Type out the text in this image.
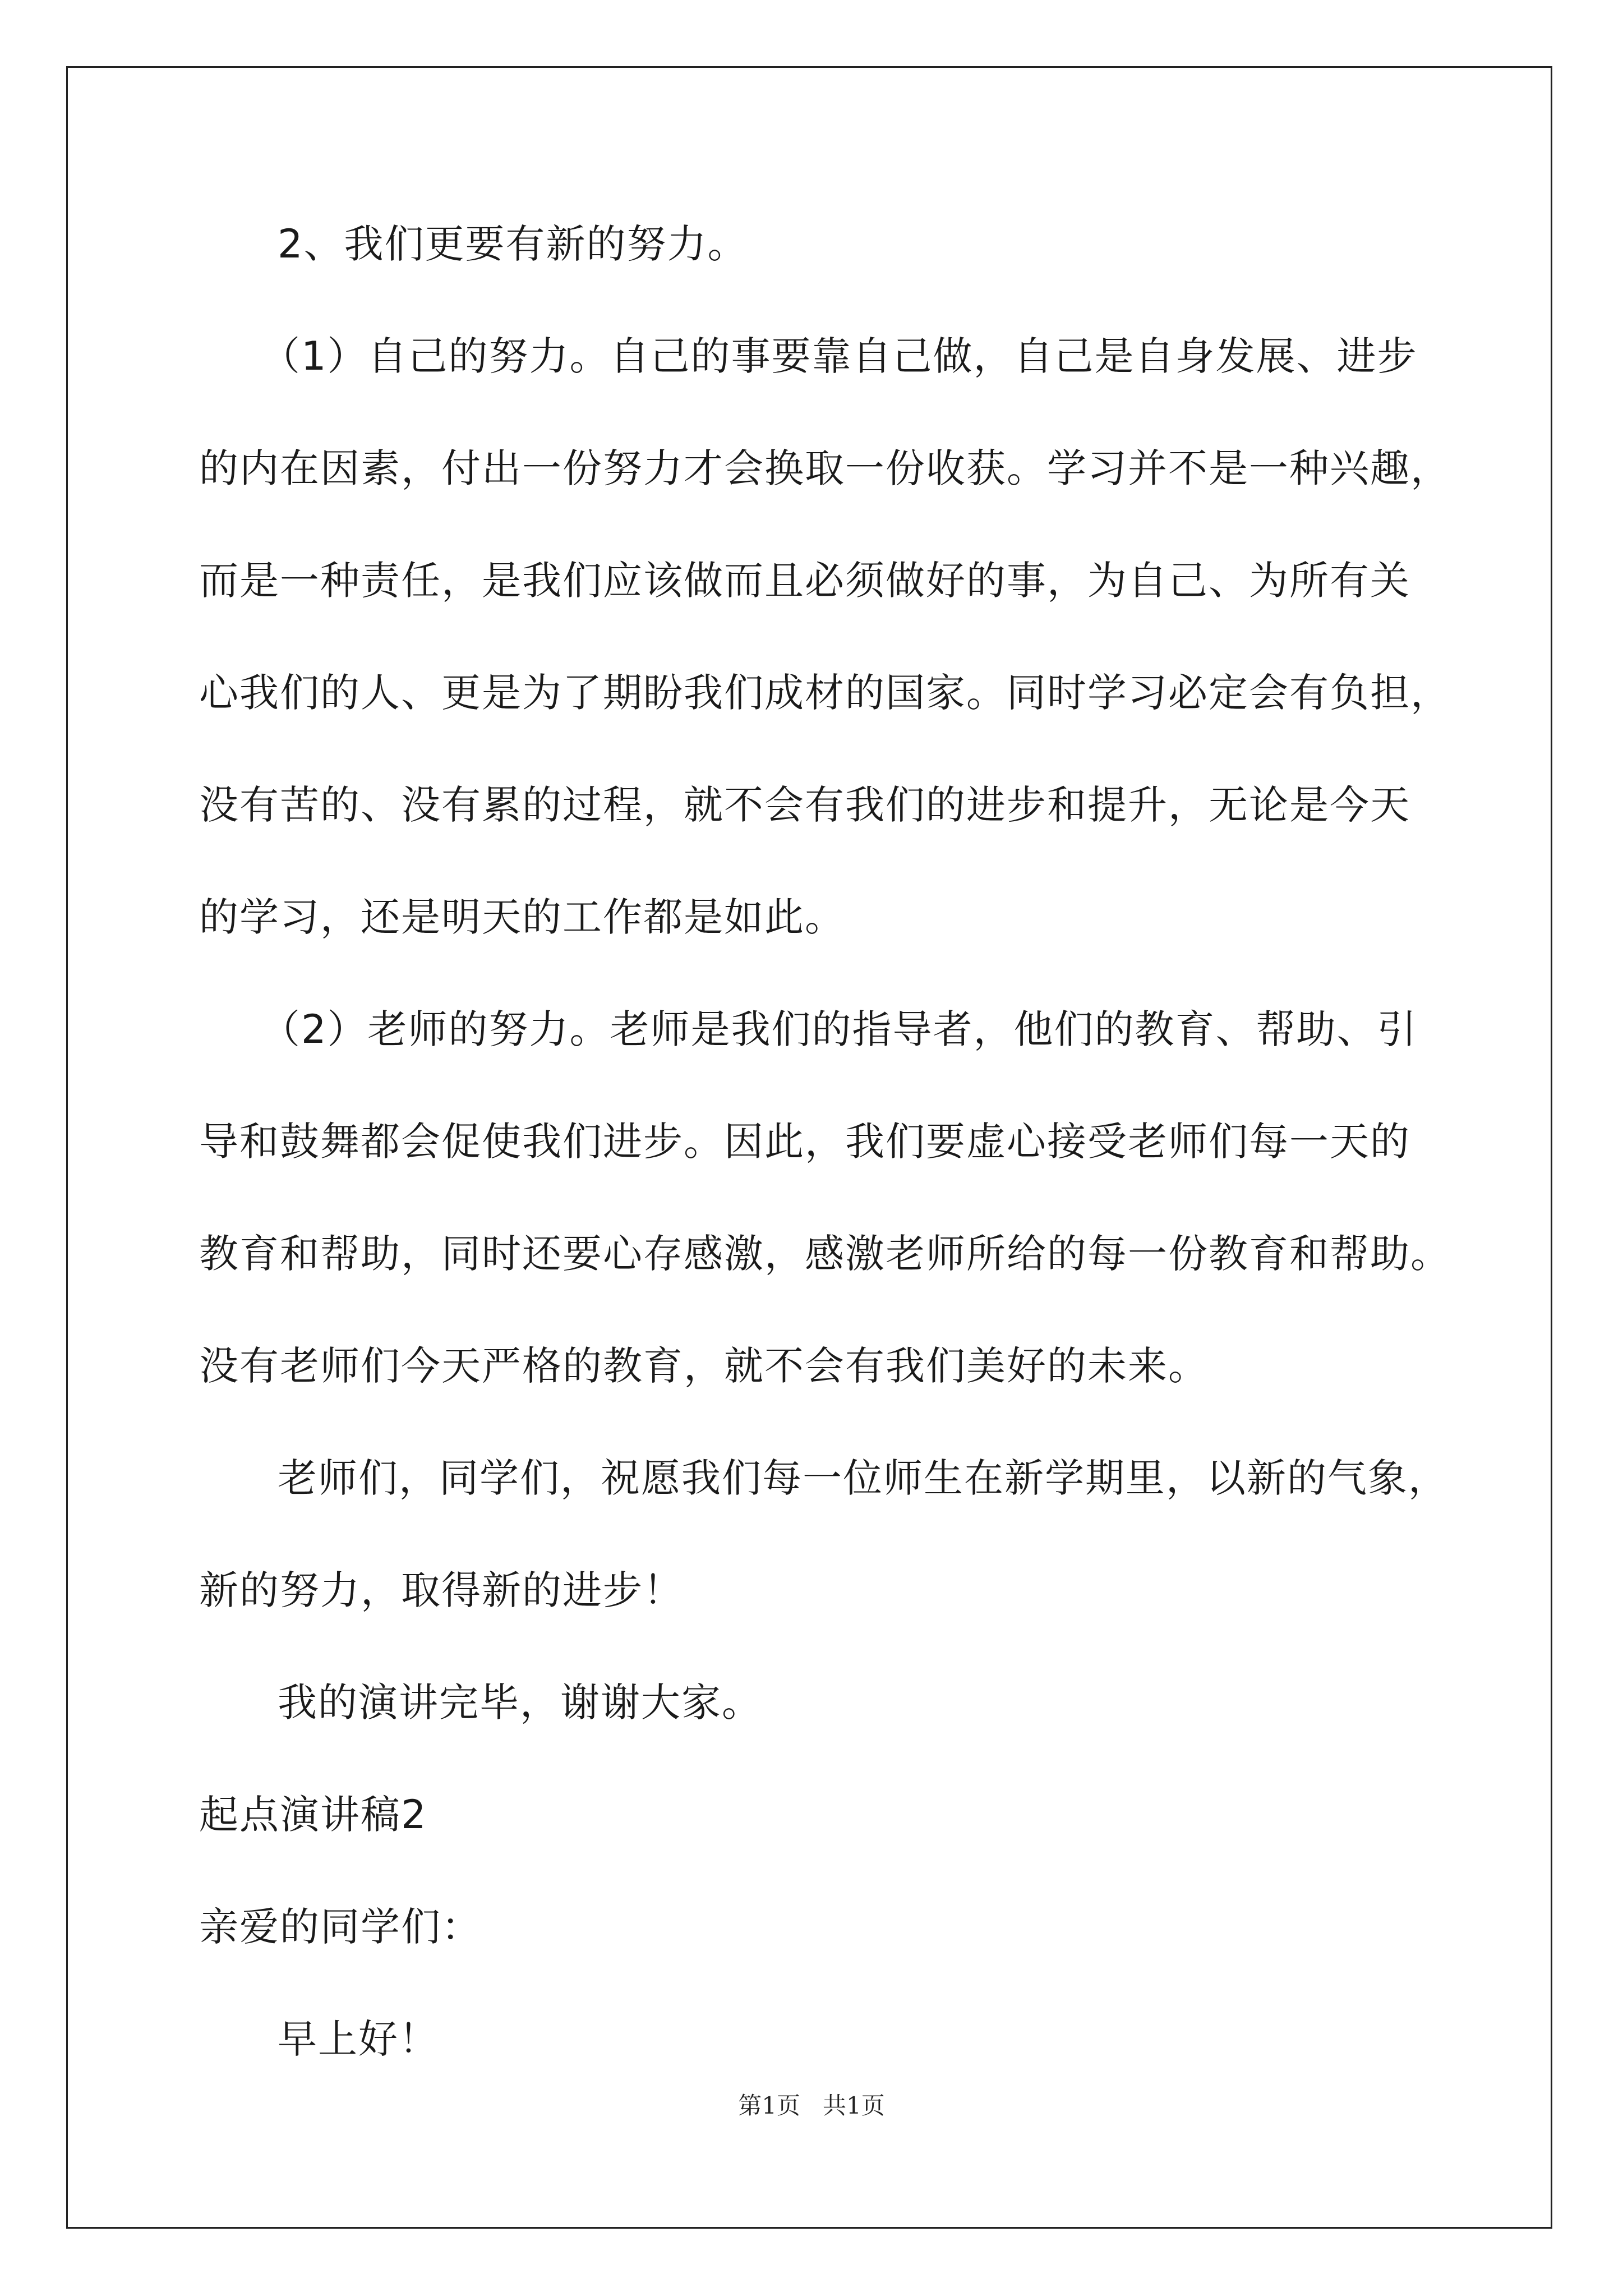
2、我们更要有新的努力。
（1）自己的努力。自己的事要靠自己做，自己是自身发展、进步
的内在因素，付出一份努力才会换取一份收获。学习并不是一种兴趣，
而是一种责任，是我们应该做而且必须做好的事，为自己、为所有关
心我们的人、更是为了期盼我们成材的国家。同时学习必定会有负担，
没有苦的、没有累的过程，就不会有我们的进步和提升，无论是今天
的学习，还是明天的工作都是如此。
（2）老师的努力。老师是我们的指导者，他们的教育、帮助、引
导和鼓舞都会促使我们进步。因此，我们要虚心接受老师们每一天的
教育和帮助，同时还要心存感激，感激老师所给的每一份教育和帮助。
没有老师们今天严格的教育，就不会有我们美好的未来。
老师们，同学们，祝愿我们每一位师生在新学期里，以新的气象，
新的努力，取得新的进步！
我的演讲完毕，谢谢大家。
起点演讲稿2
亲爱的同学们：
早上好！
第1页   共1页
